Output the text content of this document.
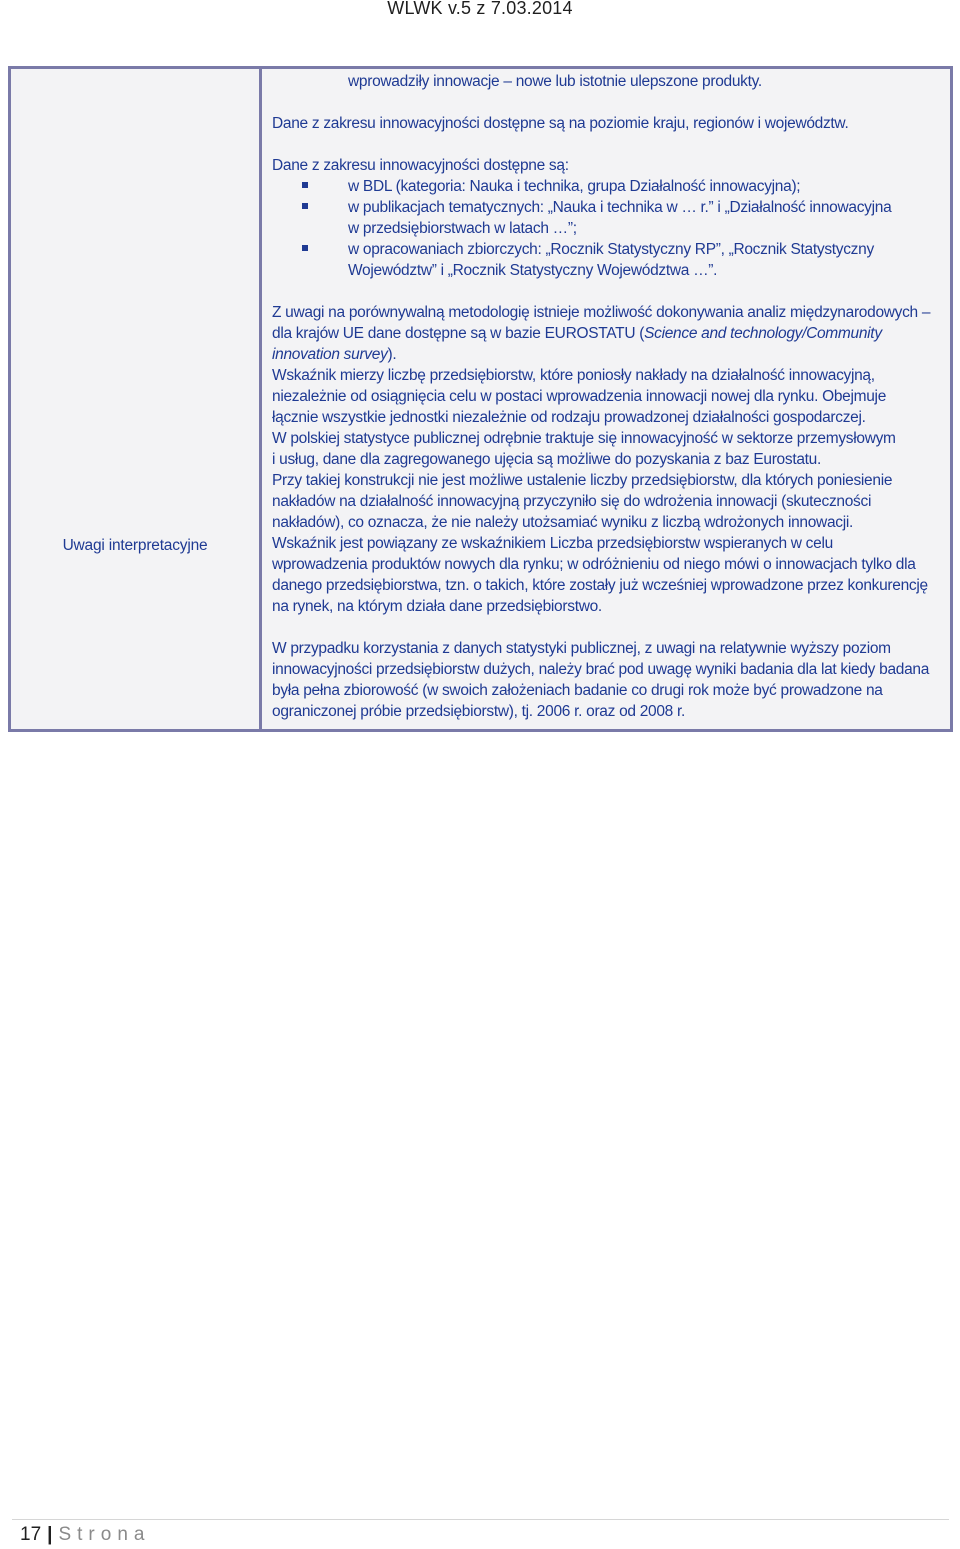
WLWK v.5 z 7.03.2014
Uwagi interpretacyjne

wprowadziły innowacje – nowe lub istotnie ulepszone produkty.

Dane z zakresu innowacyjności dostępne są na poziomie kraju, regionów i województw.

Dane z zakresu innowacyjności dostępne są:

w BDL (kategoria: Nauka i technika, grupa Działalność innowacyjna);
w publikacjach tematycznych: „Nauka i technika w … r.” i „Działalność innowacyjna
w przedsiębiorstwach w latach …”;
w opracowaniach zbiorczych: „Rocznik Statystyczny RP”, „Rocznik Statystyczny
Województw” i „Rocznik Statystyczny Województwa …”.

Z uwagi na porównywalną metodologię istnieje możliwość dokonywania analiz międzynarodowych –

dla krajów UE dane dostępne są w bazie EUROSTATU (Science and technology/Community

innovation survey).

Wskaźnik mierzy liczbę przedsiębiorstw, które poniosły nakłady na działalność innowacyjną,

niezależnie od osiągnięcia celu w postaci wprowadzenia innowacji nowej dla rynku. Obejmuje

łącznie wszystkie jednostki niezależnie od rodzaju prowadzonej działalności gospodarczej.

W polskiej statystyce publicznej odrębnie traktuje się innowacyjność w sektorze przemysłowym

i usług, dane dla zagregowanego ujęcia są możliwe do pozyskania z baz Eurostatu.

Przy takiej konstrukcji nie jest możliwe ustalenie liczby przedsiębiorstw, dla których poniesienie

nakładów na działalność innowacyjną przyczyniło się do wdrożenia innowacji (skuteczności

nakładów), co oznacza, że nie należy utożsamiać wyniku z liczbą wdrożonych innowacji.

Wskaźnik jest powiązany ze wskaźnikiem Liczba przedsiębiorstw wspieranych w celu

wprowadzenia produktów nowych dla rynku; w odróżnieniu od niego mówi o innowacjach tylko dla

danego przedsiębiorstwa, tzn. o takich, które zostały już wcześniej wprowadzone przez konkurencję

na rynek, na którym działa dane przedsiębiorstwo.

W przypadku korzystania z danych statystyki publicznej, z uwagi na relatywnie wyższy poziom

innowacyjności przedsiębiorstw dużych, należy brać pod uwagę wyniki badania dla lat kiedy badana

była pełna zbiorowość (w swoich założeniach badanie co drugi rok może być prowadzone na

ograniczonej próbie przedsiębiorstw), tj. 2006 r. oraz od 2008 r.

17 | Strona
